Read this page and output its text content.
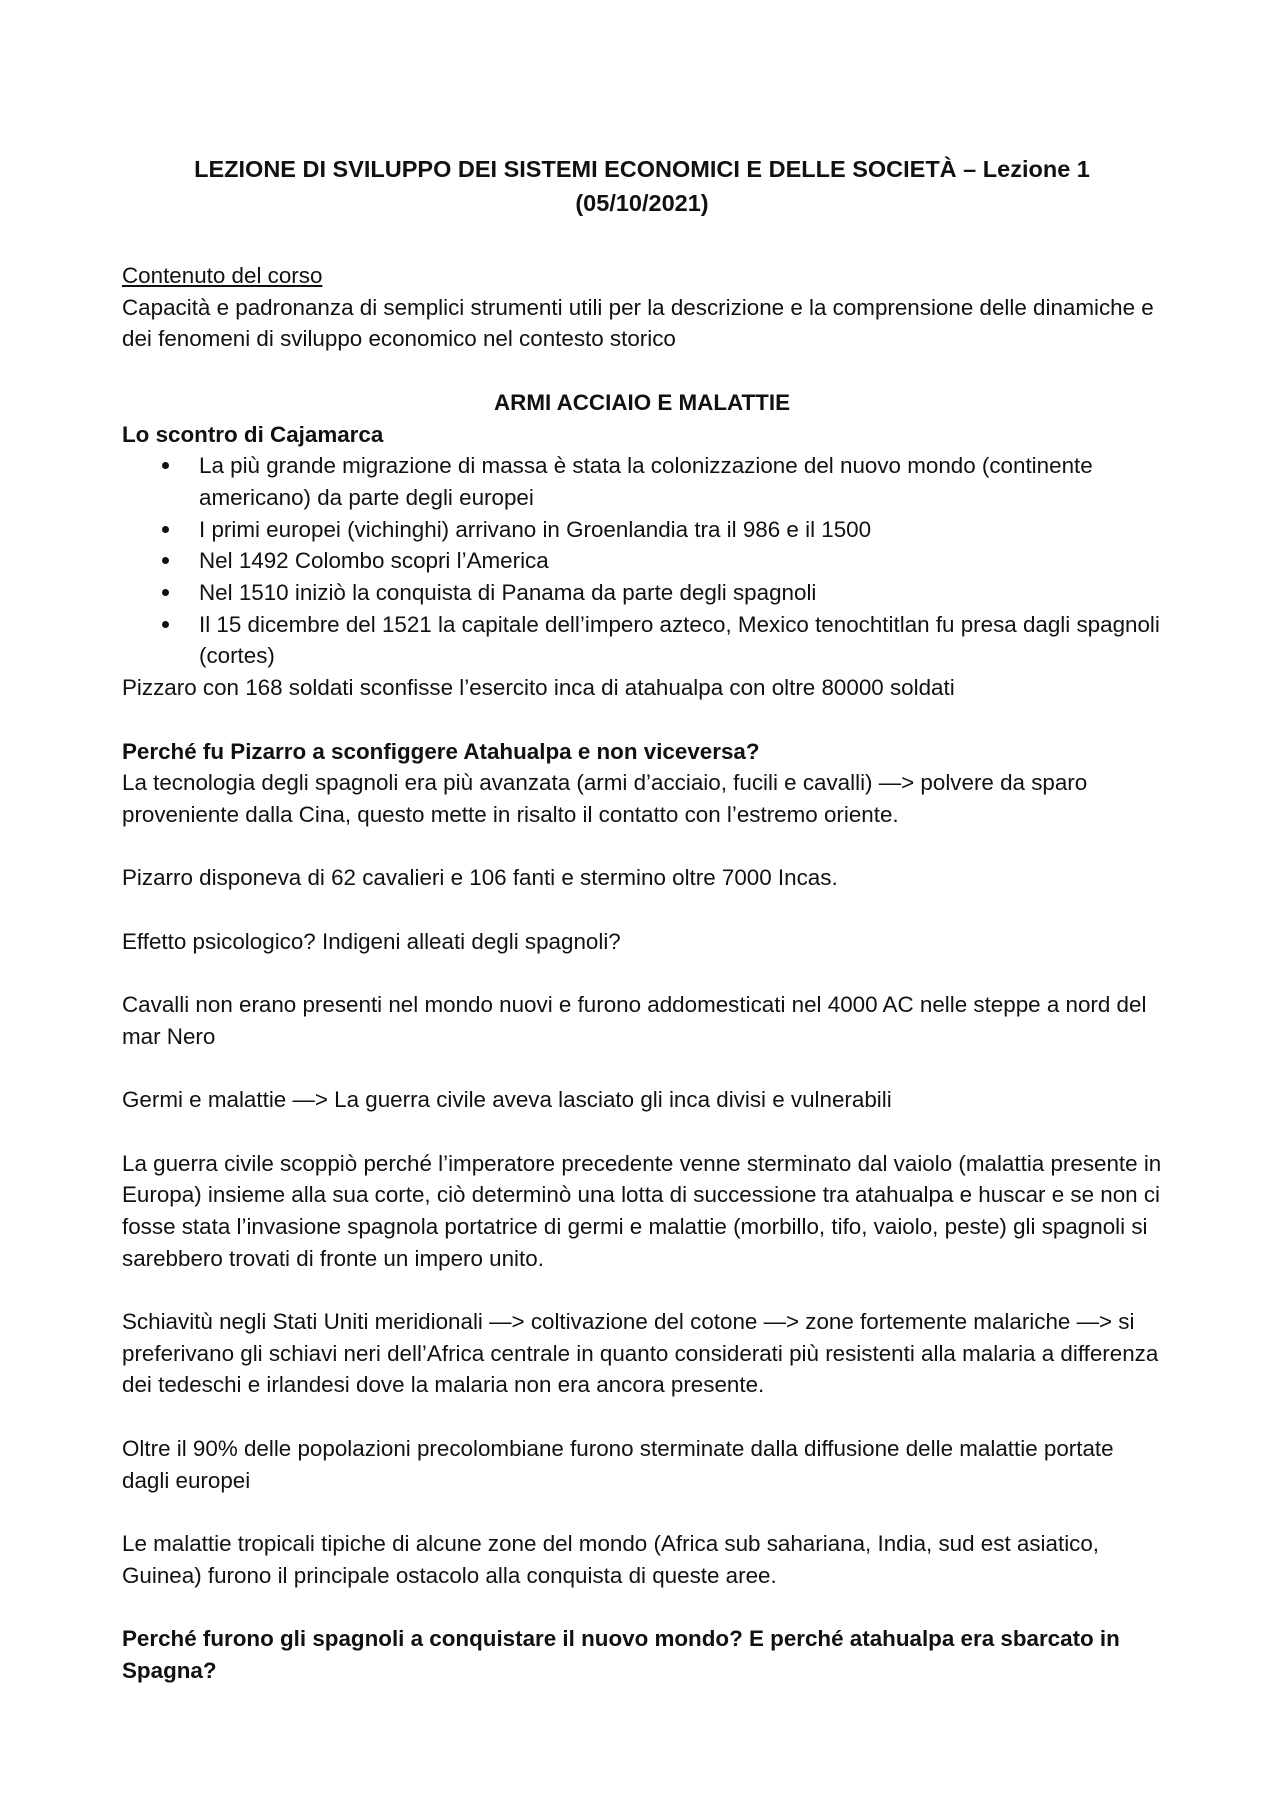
LEZIONE DI SVILUPPO DEI SISTEMI ECONOMICI E DELLE SOCIETÀ – Lezione 1
(05/10/2021)

Contenuto del corso

Capacità e padronanza di semplici strumenti utili per la descrizione e la comprensione delle dinamiche e dei fenomeni di sviluppo economico nel contesto storico

ARMI ACCIAIO E MALATTIE

Lo scontro di Cajamarca

La più grande migrazione di massa è stata la colonizzazione del nuovo mondo (continente americano) da parte degli europei
I primi europei (vichinghi) arrivano in Groenlandia tra il 986 e il 1500
Nel 1492 Colombo scopri l’America
Nel 1510 iniziò la conquista di Panama da parte degli spagnoli
Il 15 dicembre del 1521 la capitale dell’impero azteco, Mexico tenochtitlan fu presa dagli spagnoli (cortes)

Pizzaro con 168 soldati sconfisse l’esercito inca di atahualpa con oltre 80000 soldati

Perché fu Pizarro a sconfiggere Atahualpa e non viceversa?

La tecnologia degli spagnoli era più avanzata (armi d’acciaio, fucili e cavalli) —> polvere da sparo proveniente dalla Cina, questo mette in risalto il contatto con l’estremo oriente.

Pizarro disponeva di 62 cavalieri e 106 fanti e stermino oltre 7000 Incas.

Effetto psicologico? Indigeni alleati degli spagnoli?

Cavalli non erano presenti nel mondo nuovi e furono addomesticati nel 4000 AC nelle steppe a nord del mar Nero

Germi e malattie —> La guerra civile aveva lasciato gli inca divisi e vulnerabili

La guerra civile scoppiò perché l’imperatore precedente venne sterminato dal vaiolo (malattia presente in Europa) insieme alla sua corte, ciò determinò una lotta di successione tra atahualpa e huscar e se non ci fosse stata l’invasione spagnola portatrice di germi e malattie (morbillo, tifo, vaiolo, peste) gli spagnoli si sarebbero trovati di fronte un impero unito.

Schiavitù negli Stati Uniti meridionali —> coltivazione del cotone —> zone fortemente malariche —> si preferivano gli schiavi neri dell’Africa centrale in quanto considerati più resistenti alla malaria a differenza dei tedeschi e irlandesi dove la malaria non era ancora presente.

Oltre il 90% delle popolazioni precolombiane furono sterminate dalla diffusione delle malattie portate dagli europei

Le malattie tropicali tipiche di alcune zone del mondo (Africa sub sahariana, India, sud est asiatico, Guinea) furono il principale ostacolo alla conquista di queste aree.

Perché furono gli spagnoli a conquistare il nuovo mondo? E perché atahualpa era sbarcato in Spagna?
